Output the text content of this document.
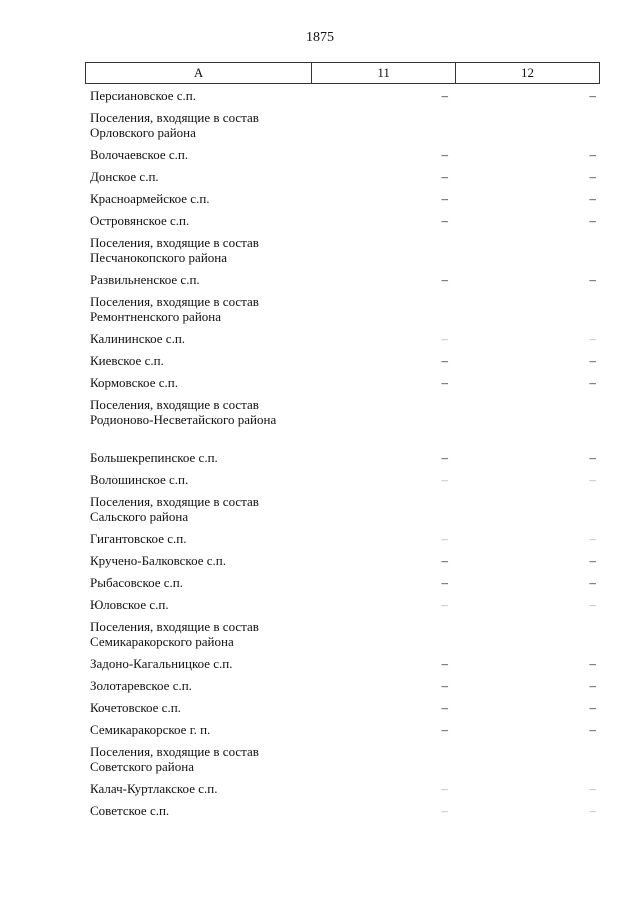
1875
А	11	12
Персиановское с.п.	–	–
Поселения, входящие в состав Орловского района
Волочаевское с.п.	–	–
Донское с.п.	–	–
Красноармейское с.п.	–	–
Островянское с.п.	–	–
Поселения, входящие в состав Песчанокопского района
Развильненское с.п.	–	–
Поселения, входящие в состав Ремонтненского района
Калининское с.п.	–	–
Киевское с.п.	–	–
Кормовское с.п.	–	–
Поселения, входящие в состав Родионово-Несветайского района
Большекрепинское с.п.	–	–
Волошинское с.п.	–	–
Поселения, входящие в состав Сальского района
Гигантовское с.п.	–	–
Кручено-Балковское с.п.	–	–
Рыбасовское с.п.	–	–
Юловское с.п.	–	–
Поселения, входящие в состав Семикаракорского района
Задоно-Кагальницкое с.п.	–	–
Золотаревское с.п.	–	–
Кочетовское с.п.	–	–
Семикаракорское г. п.	–	–
Поселения, входящие в состав Советского района
Калач-Куртлакское с.п.	–	–
Советское с.п.	–	–
